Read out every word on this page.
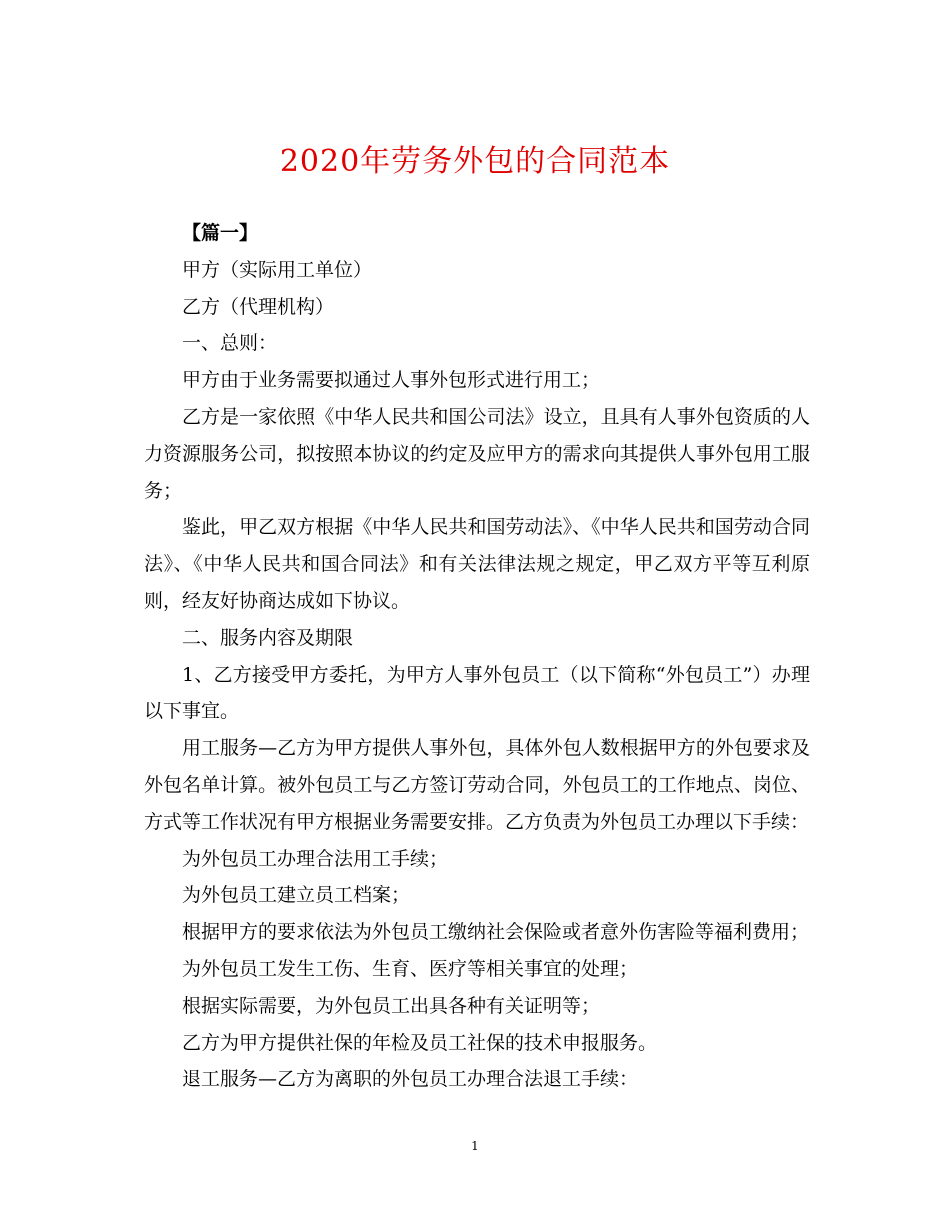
2020年劳务外包的合同范本

【篇一】

甲方（实际用工单位）

乙方（代理机构）

一、总则：

甲方由于业务需要拟通过人事外包形式进行用工；

乙方是一家依照《中华人民共和国公司法》设立，且具有人事外包资质的人力资源服务公司，拟按照本协议的约定及应甲方的需求向其提供人事外包用工服务；

鉴此，甲乙双方根据《中华人民共和国劳动法》、《中华人民共和国劳动合同法》、《中华人民共和国合同法》和有关法律法规之规定，甲乙双方平等互利原则，经友好协商达成如下协议。

二、服务内容及期限

1、乙方接受甲方委托，为甲方人事外包员工（以下简称“外包员工”）办理以下事宜。

用工服务—乙方为甲方提供人事外包，具体外包人数根据甲方的外包要求及外包名单计算。被外包员工与乙方签订劳动合同，外包员工的工作地点、岗位、方式等工作状况有甲方根据业务需要安排。乙方负责为外包员工办理以下手续：

为外包员工办理合法用工手续；

为外包员工建立员工档案；

根据甲方的要求依法为外包员工缴纳社会保险或者意外伤害险等福利费用；

为外包员工发生工伤、生育、医疗等相关事宜的处理；

根据实际需要，为外包员工出具各种有关证明等；

乙方为甲方提供社保的年检及员工社保的技术申报服务。

退工服务—乙方为离职的外包员工办理合法退工手续：

1
